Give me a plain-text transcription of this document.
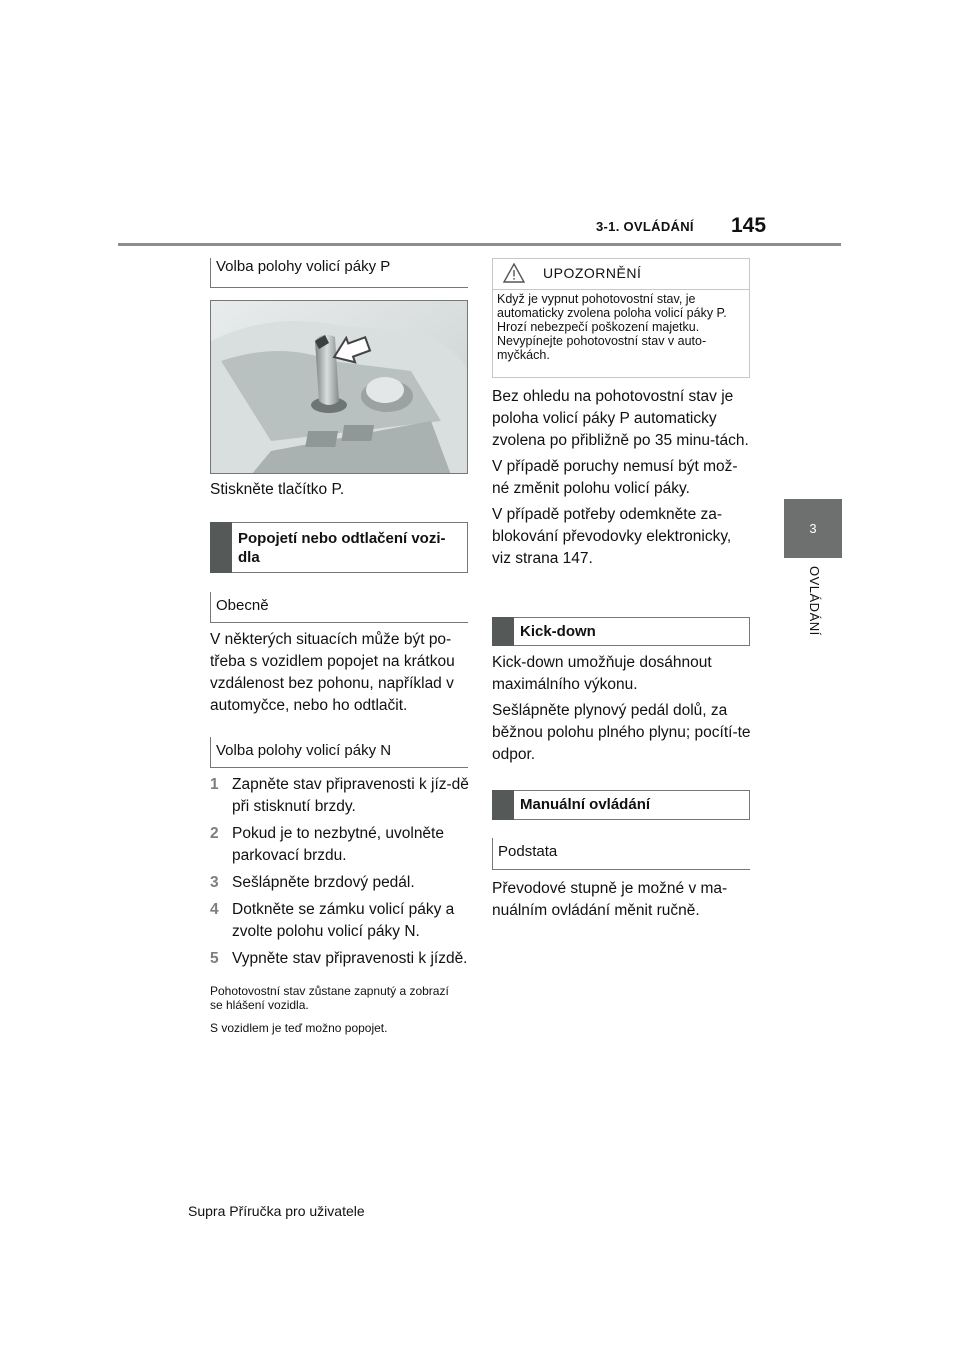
3-1. OVLÁDÁNÍ 145
3
OVLÁDÁNÍ
Volba polohy volicí páky P
Stiskněte tlačítko P.
Popojetí nebo odtlačení vozi-dla
Obecně
V některých situacích může být po-třeba s vozidlem popojet na krátkou vzdálenost bez pohonu, například v automyčce, nebo ho odtlačit.
Volba polohy volicí páky N
1 Zapněte stav připravenosti k jíz-dě při stisknutí brzdy.
2 Pokud je to nezbytné, uvolněte parkovací brzdu.
3 Sešlápněte brzdový pedál.
4 Dotkněte se zámku volicí páky a zvolte polohu volicí páky N.
5 Vypněte stav připravenosti k jízdě.
Pohotovostní stav zůstane zapnutý a zobrazí se hlášení vozidla.
S vozidlem je teď možno popojet.
UPOZORNĚNÍ
Když je vypnut pohotovostní stav, je automaticky zvolena poloha volicí páky P. Hrozí nebezpečí poškození majetku. Nevypínejte pohotovostní stav v auto-myčkách.

Bez ohledu na pohotovostní stav je poloha volicí páky P automaticky zvolena po přibližně po 35 minu-tách.

V případě poruchy nemusí být mož-né změnit polohu volicí páky.

V případě potřeby odemkněte za-blokování převodovky elektronicky, viz strana 147.

Kick-down

Kick-down umožňuje dosáhnout maximálního výkonu.

Sešlápněte plynový pedál dolů, za běžnou polohu plného plynu; pocítí-te odpor.

Manuální ovládání
Podstata
Převodové stupně je možné v ma-nuálním ovládání měnit ručně.
Supra Příručka pro uživatele
